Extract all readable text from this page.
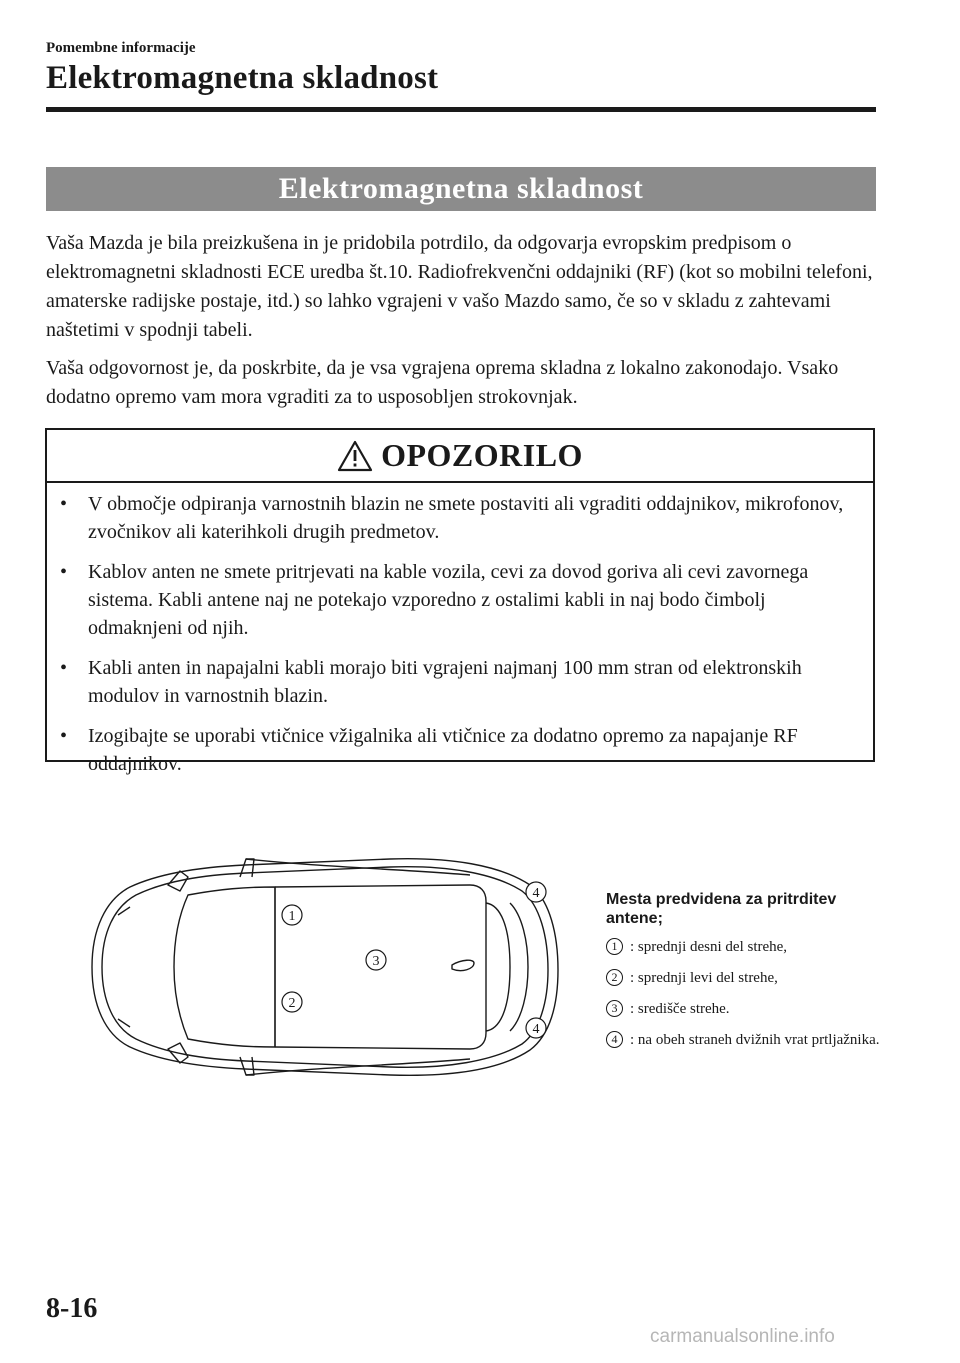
Pomembne informacije
Elektromagnetna skladnost
Elektromagnetna skladnost

Vaša Mazda je bila preizkušena in je pridobila potrdilo, da odgovarja evropskim predpisom o elektromagnetni skladnosti ECE uredba št.10. Radiofrekvenčni oddajniki (RF) (kot so mobilni telefoni, amaterske radijske postaje, itd.) so lahko vgrajeni v vašo Mazdo samo, če so v skladu z zahtevami naštetimi v spodnji tabeli.

Vaša odgovornost je, da poskrbite, da je vsa vgrajena oprema skladna z lokalno zakonodajo. Vsako dodatno opremo vam mora vgraditi za to usposobljen strokovnjak.

OPOZORILO
• V območje odpiranja varnostnih blazin ne smete postaviti ali vgraditi oddajnikov, mikrofonov, zvočnikov ali katerihkoli drugih predmetov.
• Kablov anten ne smete pritrjevati na kable vozila, cevi za dovod goriva ali cevi zavornega sistema. Kabli antene naj ne potekajo vzporedno z ostalimi kabli in naj bodo čimbolj odmaknjeni od njih.
• Kabli anten in napajalni kabli morajo biti vgrajeni najmanj 100 mm stran od elektronskih modulov in varnostnih blazin.
• Izogibajte se uporabi vtičnice vžigalnika ali vtičnice za dodatno opremo za napajanje RF oddajnikov.
1
2
3
4
4
Mesta predvidena za pritrditev antene;
1 : sprednji desni del strehe,
2 : sprednji levi del strehe,
3 : središče strehe.
4 : na obeh straneh dvižnih vrat prtljažnika.
8-16
carmanualsonline.info
